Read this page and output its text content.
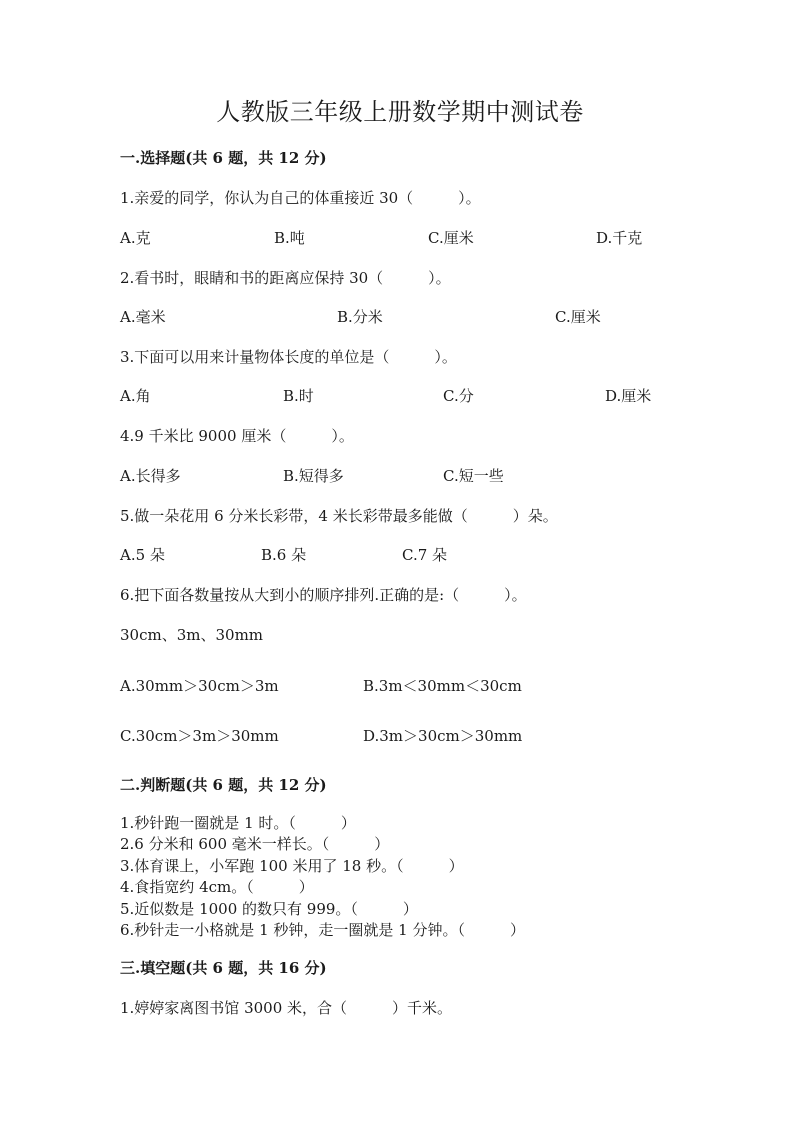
人教版三年级上册数学期中测试卷
一.选择题(共 6 题，共 12 分)
1.亲爱的同学，你认为自己的体重接近 30（　　　）。
A.克	B.吨	C.厘米	D.千克
2.看书时，眼睛和书的距离应保持 30（　　　）。
A.毫米	B.分米	C.厘米
3.下面可以用来计量物体长度的单位是（　　　）。
A.角	B.时	C.分	D.厘米
4.9 千米比 9000 厘米（　　　）。
A.长得多	B.短得多	C.短一些
5.做一朵花用 6 分米长彩带，4 米长彩带最多能做（　　　）朵。
A.5 朵	B.6 朵	C.7 朵
6.把下面各数量按从大到小的顺序排列.正确的是:（　　　）。
30cm、3m、30mm
A.30mm＞30cm＞3m	B.3m＜30mm＜30cm
C.30cm＞3m＞30mm	D.3m＞30cm＞30mm
二.判断题(共 6 题，共 12 分)
1.秒针跑一圈就是 1 时。（　　　）
2.6 分米和 600 毫米一样长。（　　　）
3.体育课上，小军跑 100 米用了 18 秒。（　　　）
4.食指宽约 4cm。（　　　）
5.近似数是 1000 的数只有 999。（　　　）
6.秒针走一小格就是 1 秒钟，走一圈就是 1 分钟。（　　　）
三.填空题(共 6 题，共 16 分)
1.婷婷家离图书馆 3000 米，合（　　　）千米。
